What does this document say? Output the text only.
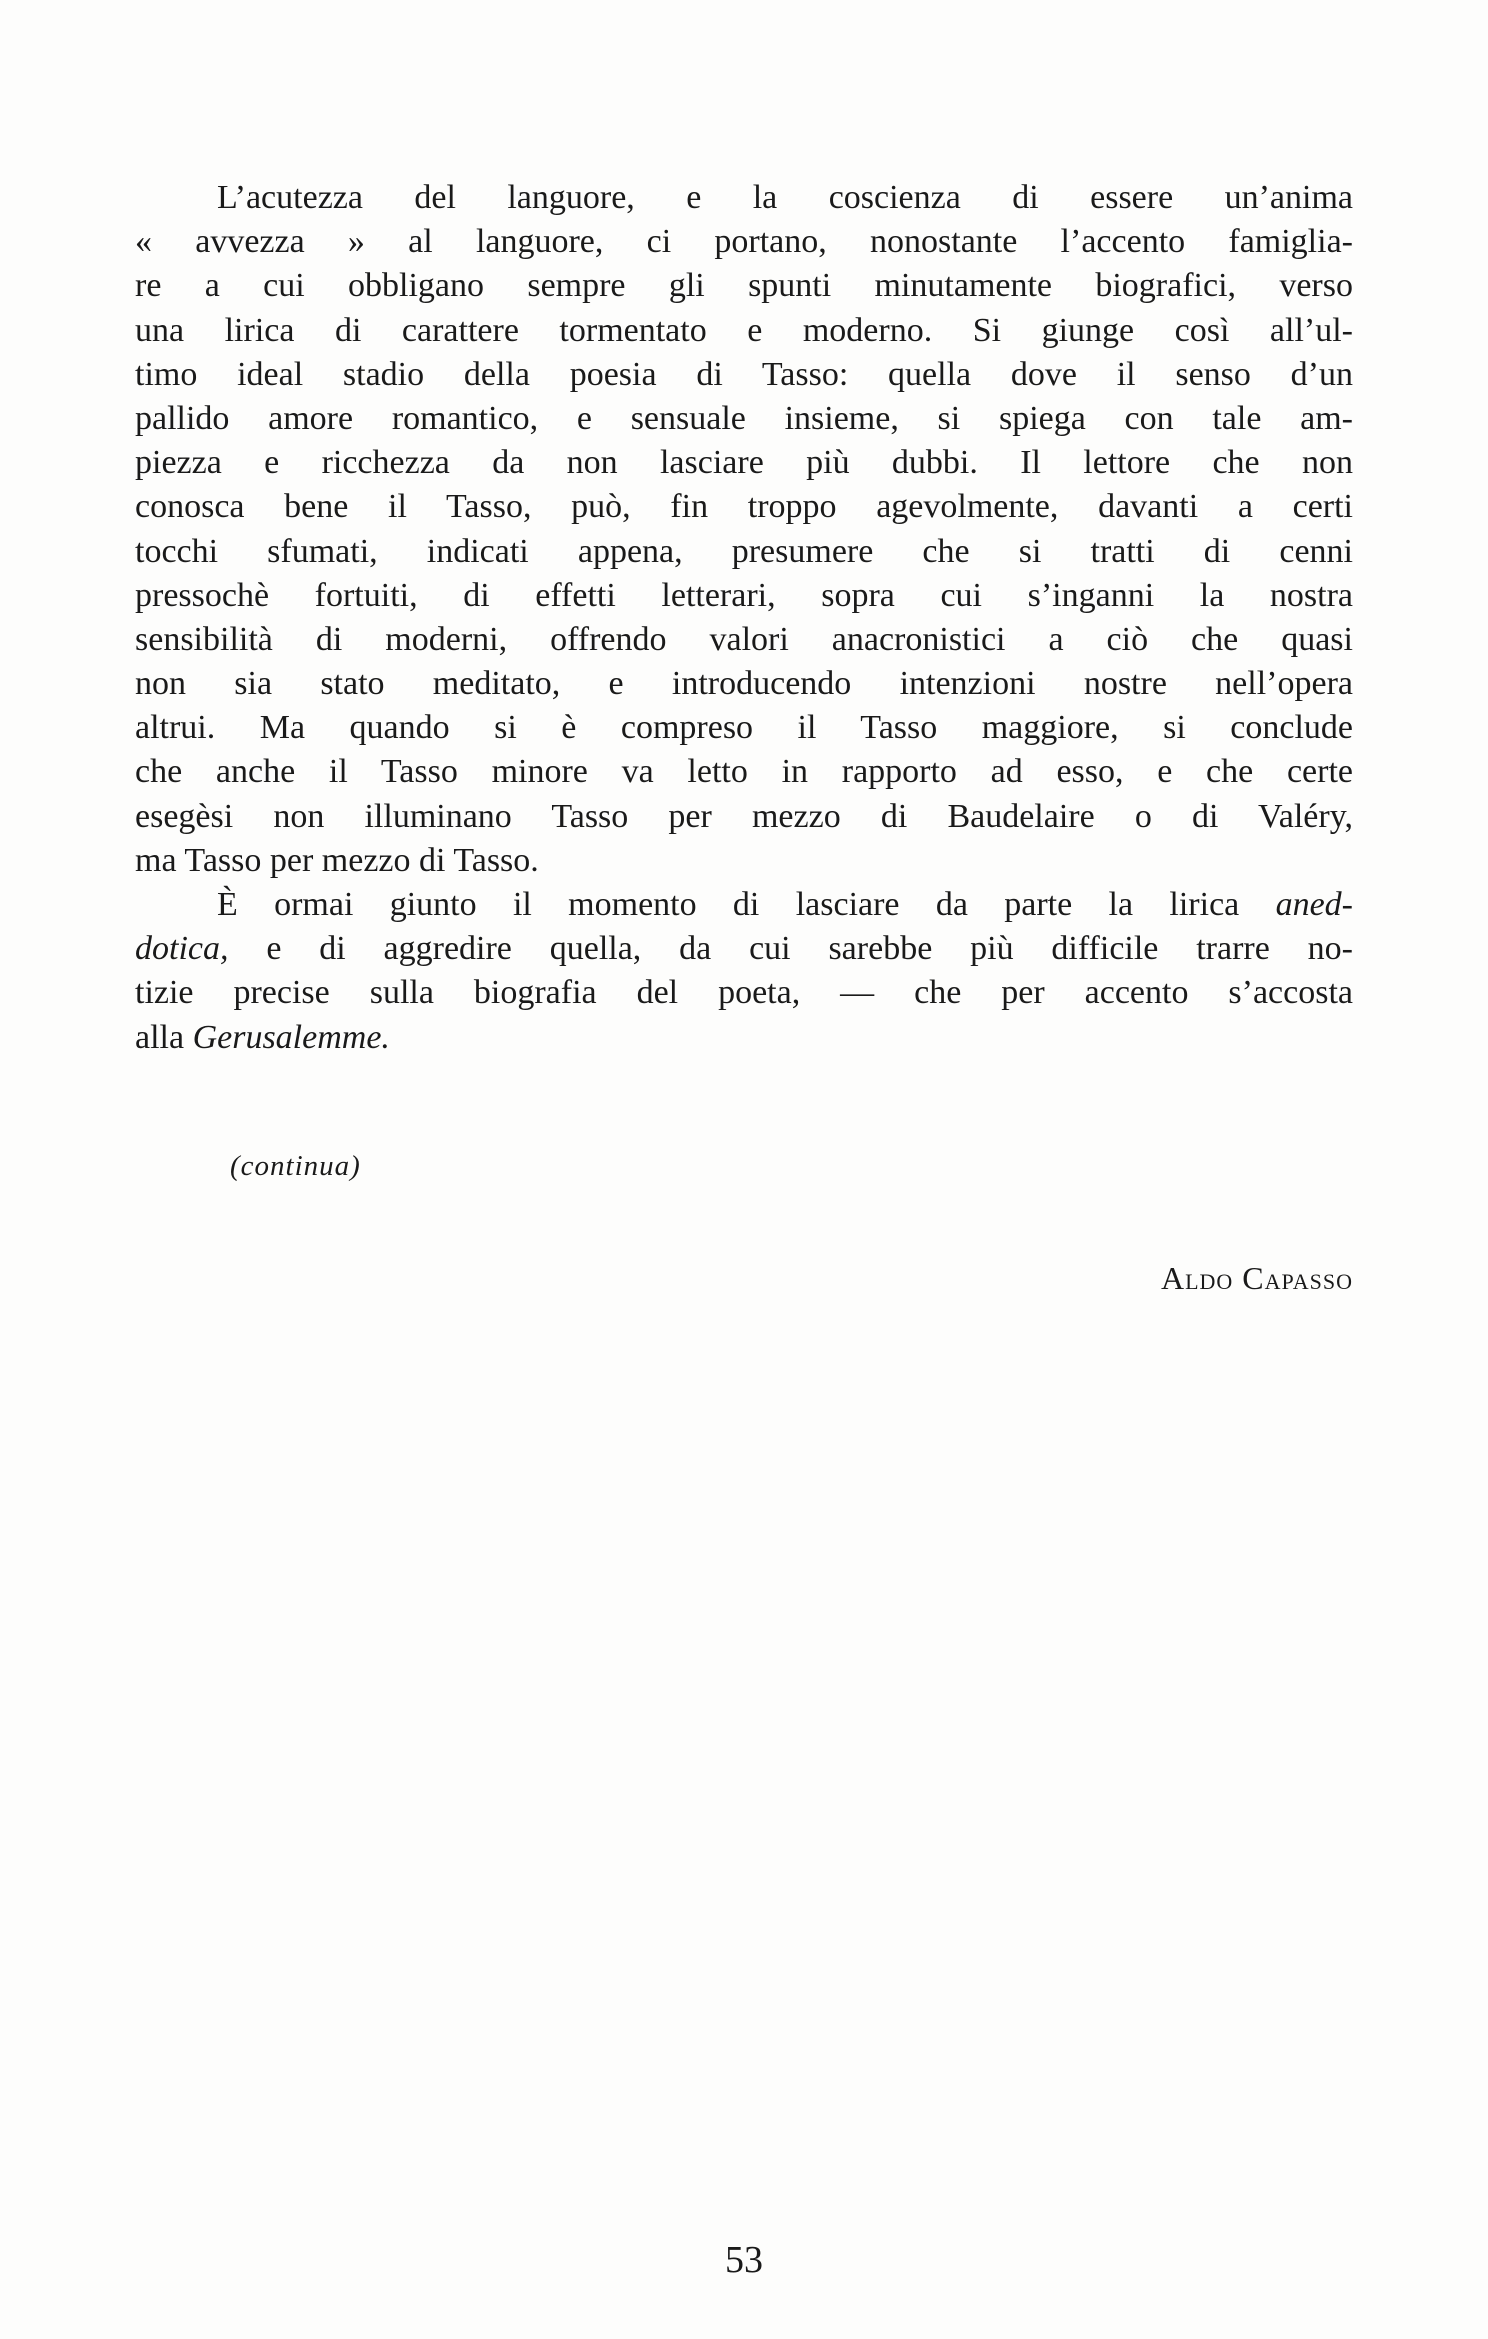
L’acutezza del languore, e la coscienza di essere un’anima
« avvezza » al languore, ci portano, nonostante l’accento famiglia-
re a cui obbligano sempre gli spunti minutamente biografici, verso
una lirica di carattere tormentato e moderno. Si giunge così all’ul-
timo ideal stadio della poesia di Tasso: quella dove il senso d’un
pallido amore romantico, e sensuale insieme, si spiega con tale am-
piezza e ricchezza da non lasciare più dubbi. Il lettore che non
conosca bene il Tasso, può, fin troppo agevolmente, davanti a certi
tocchi sfumati, indicati appena, presumere che si tratti di cenni
pressochè fortuiti, di effetti letterari, sopra cui s’inganni la nostra
sensibilità di moderni, offrendo valori anacronistici a ciò che quasi
non sia stato meditato, e introducendo intenzioni nostre nell’opera
altrui. Ma quando si è compreso il Tasso maggiore, si conclude
che anche il Tasso minore va letto in rapporto ad esso, e che certe
esegèsi non illuminano Tasso per mezzo di Baudelaire o di Valéry,
ma Tasso per mezzo di Tasso.
È ormai giunto il momento di lasciare da parte la lirica aned-
dotica, e di aggredire quella, da cui sarebbe più difficile trarre no-
tizie precise sulla biografia del poeta, — che per accento s’accosta
alla Gerusalemme.
(continua)
Aldo Capasso
53
